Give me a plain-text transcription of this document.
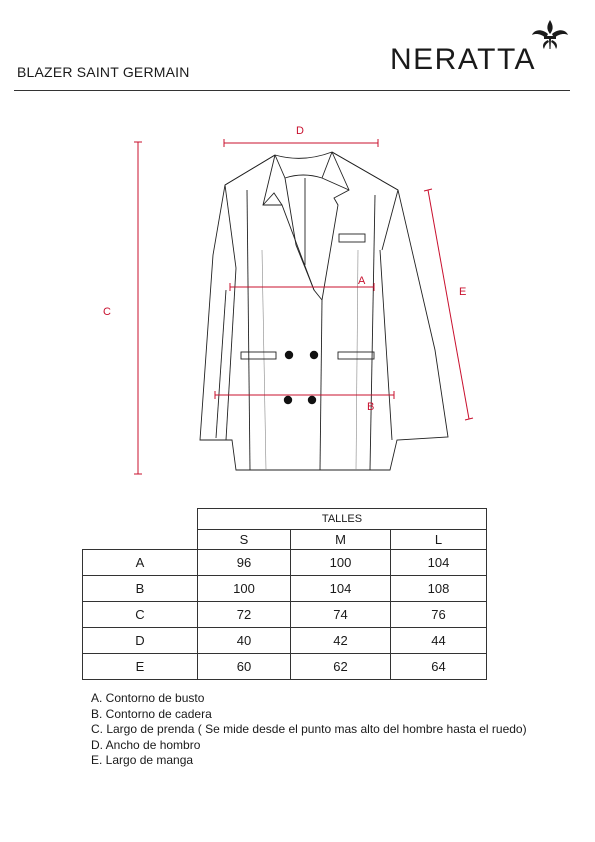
BLAZER SAINT GERMAIN	NERATTA
D
A
B
C
E
	TALLES		
	S	M	L
A	96	100	104
B	100	104	108
C	72	74	76
D	40	42	44
E	60	62	64
A. Contorno de busto
B. Contorno de cadera
C. Largo de prenda ( Se mide desde el punto mas alto del hombre hasta el ruedo)
D. Ancho de hombro
E. Largo de manga
